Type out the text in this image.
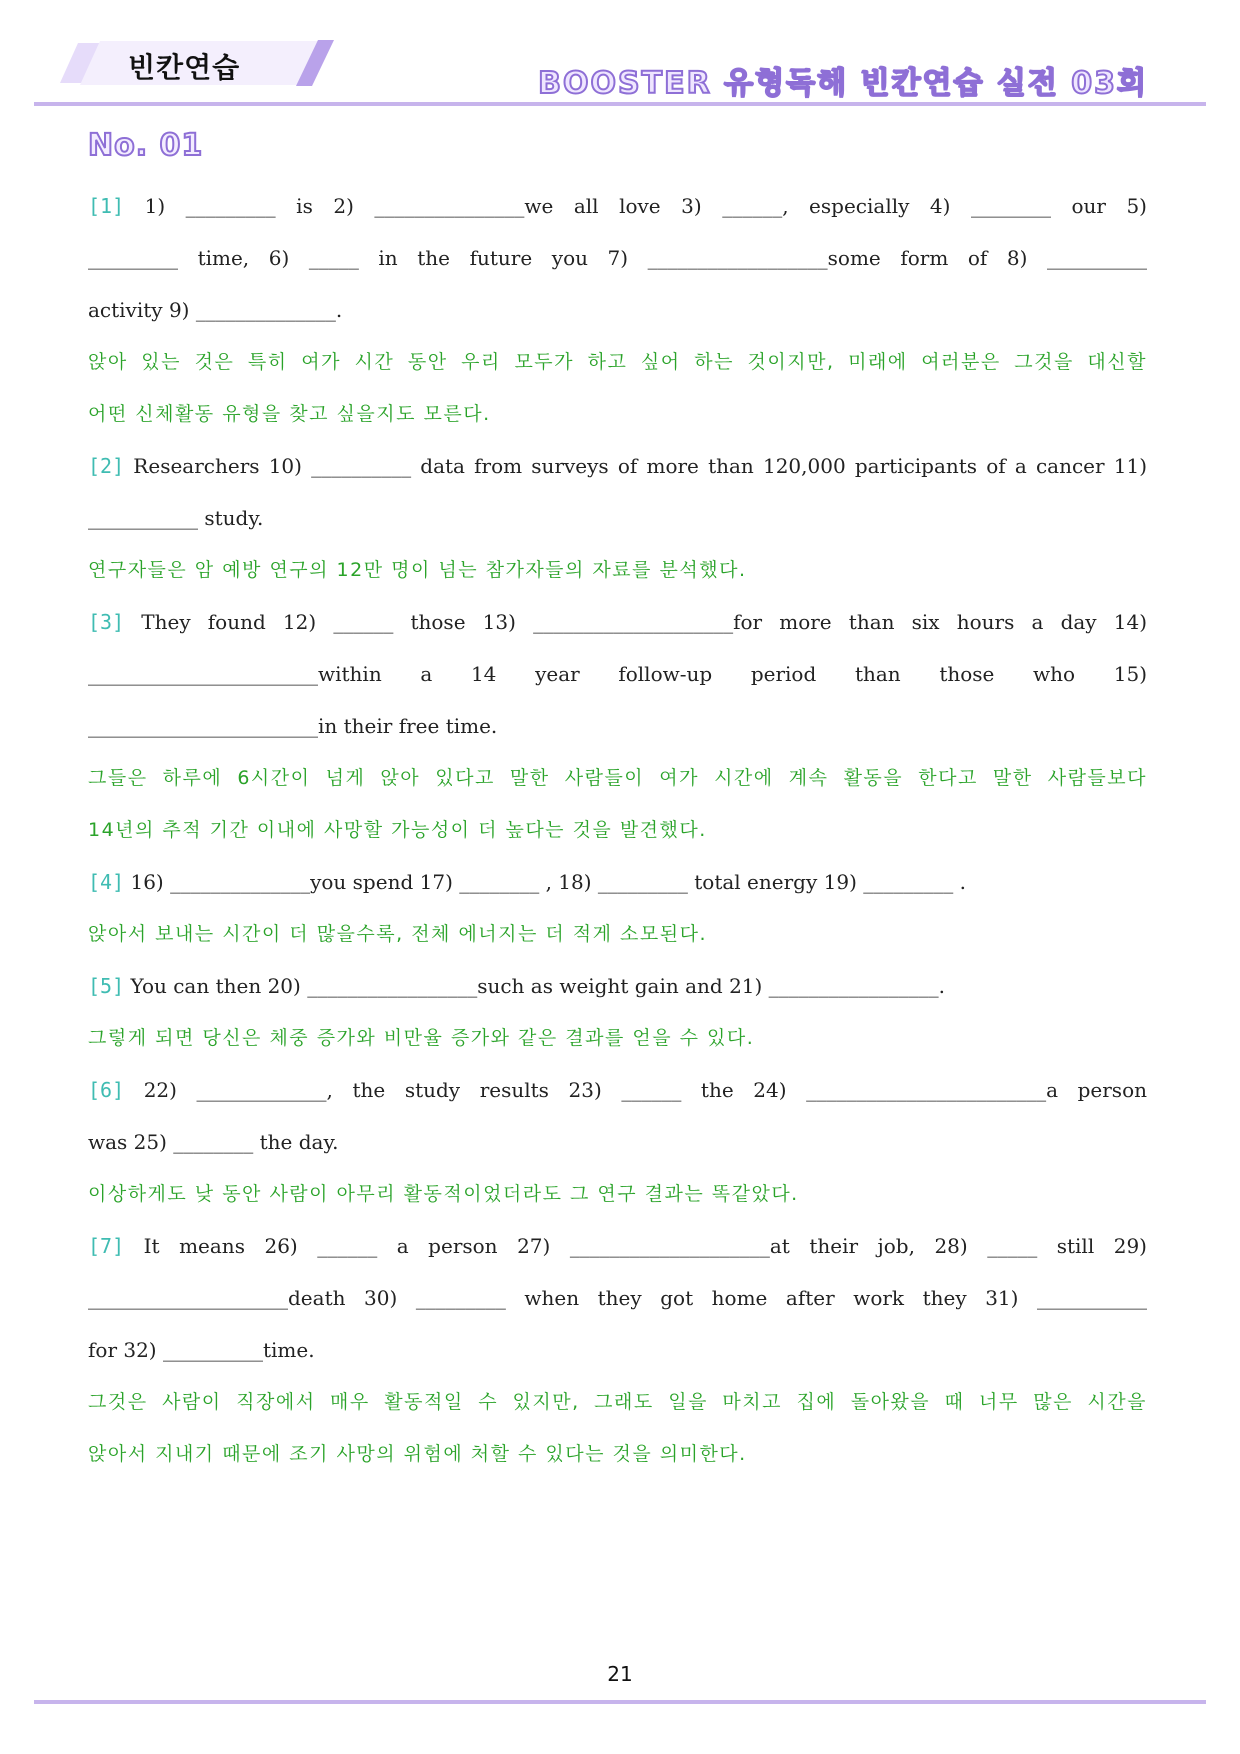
빈칸연습	BOOSTER 유형독해 빈칸연습 실전 03회
No. 01
[1] 1) _________ is 2) _______________we all love 3) ______, especially 4) ________ our 5)
_________ time, 6) _____ in the future you 7) __________________some form of 8) __________
activity 9) ______________.
앉아 있는 것은 특히 여가 시간 동안 우리 모두가 하고 싶어 하는 것이지만, 미래에 여러분은 그것을 대신할
어떤 신체활동 유형을 찾고 싶을지도 모른다.
[2] Researchers 10) __________ data from surveys of more than 120,000 participants of a cancer 11)
___________ study.
연구자들은 암 예방 연구의 12만 명이 넘는 참가자들의 자료를 분석했다.
[3] They found 12) ______ those 13) ____________________for more than six hours a day 14)
_______________________within a 14 year follow-up period than those who 15)
_______________________in their free time.
그들은 하루에 6시간이 넘게 앉아 있다고 말한 사람들이 여가 시간에 계속 활동을 한다고 말한 사람들보다
14년의 추적 기간 이내에 사망할 가능성이 더 높다는 것을 발견했다.
[4] 16) ______________you spend 17) ________ , 18) _________ total energy 19) _________ .
앉아서 보내는 시간이 더 많을수록, 전체 에너지는 더 적게 소모된다.
[5] You can then 20) _________________such as weight gain and 21) _________________.
그렇게 되면 당신은 체중 증가와 비만율 증가와 같은 결과를 얻을 수 있다.
[6] 22) _____________, the study results 23) ______ the 24) ________________________a person
was 25) ________ the day.
이상하게도 낮 동안 사람이 아무리 활동적이었더라도 그 연구 결과는 똑같았다.
[7] It means 26) ______ a person 27) ____________________at their job, 28) _____ still 29)
____________________death 30) _________ when they got home after work they 31) ___________
for 32) __________time.
그것은 사람이 직장에서 매우 활동적일 수 있지만, 그래도 일을 마치고 집에 돌아왔을 때 너무 많은 시간을
앉아서 지내기 때문에 조기 사망의 위험에 처할 수 있다는 것을 의미한다.
21
